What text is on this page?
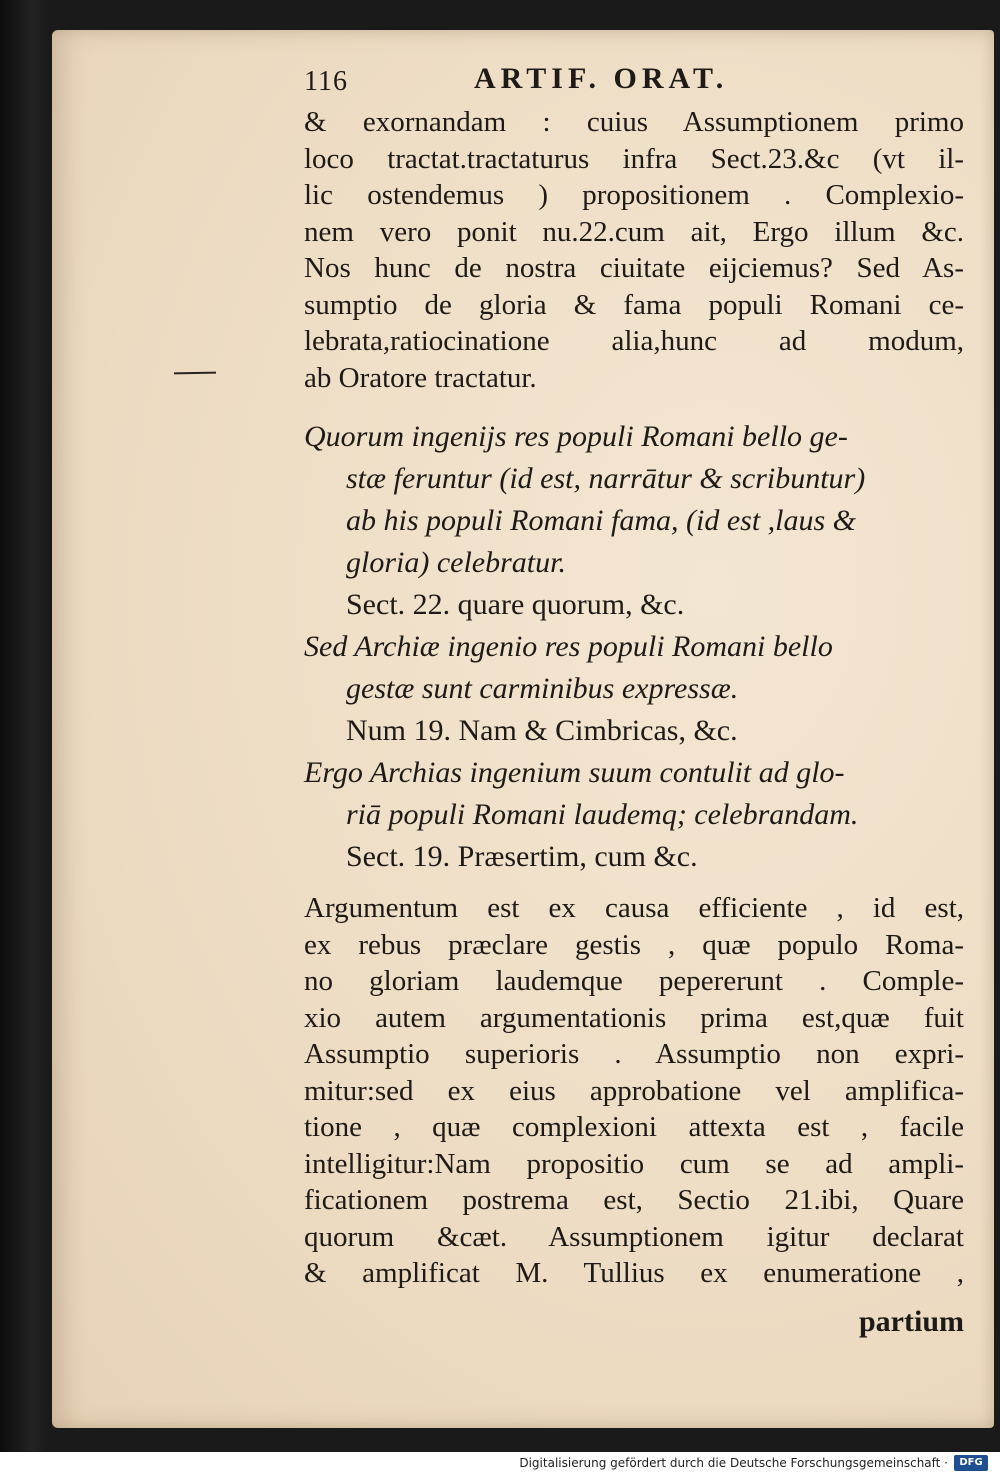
116	ARTIF. ORAT.
& exornandam : cuius Assumptionem primo
loco tractat.tractaturus infra Sect.23.&c (vt il-
lic ostendemus ) propositionem . Complexio-
nem vero ponit nu.22.cum ait, Ergo illum &c.
Nos hunc de nostra ciuitate eijciemus? Sed As-
sumptio de gloria & fama populi Romani ce-
lebrata,ratiocinatione alia,hunc ad modum,
ab Oratore tractatur.
Quorum ingenijs res populi Romani bello ge-
stæ feruntur (id est, narrātur & scribuntur)
ab his populi Romani fama, (id est ,laus &
gloria) celebratur.
Sect. 22. quare quorum, &c.
Sed Archiæ ingenio res populi Romani bello
gestæ sunt carminibus expressæ.
Num 19. Nam & Cimbricas, &c.
Ergo Archias ingenium suum contulit ad glo-
riā populi Romani laudemq; celebrandam.
Sect. 19. Præsertim, cum &c.
Argumentum est ex causa efficiente , id est,
ex rebus præclare gestis , quæ populo Roma-
no gloriam laudemque pepererunt . Comple-
xio autem argumentationis prima est,quæ fuit
Assumptio superioris . Assumptio non expri-
mitur:sed ex eius approbatione vel amplifica-
tione , quæ complexioni attexta est , facile
intelligitur:Nam propositio cum se ad ampli-
ficationem postrema est, Sectio 21.ibi, Quare
quorum &cæt. Assumptionem igitur declarat
& amplificat M. Tullius ex enumeratione ,
partium
Digitalisierung gefördert durch die Deutsche Forschungsgemeinschaft ·	DFG
